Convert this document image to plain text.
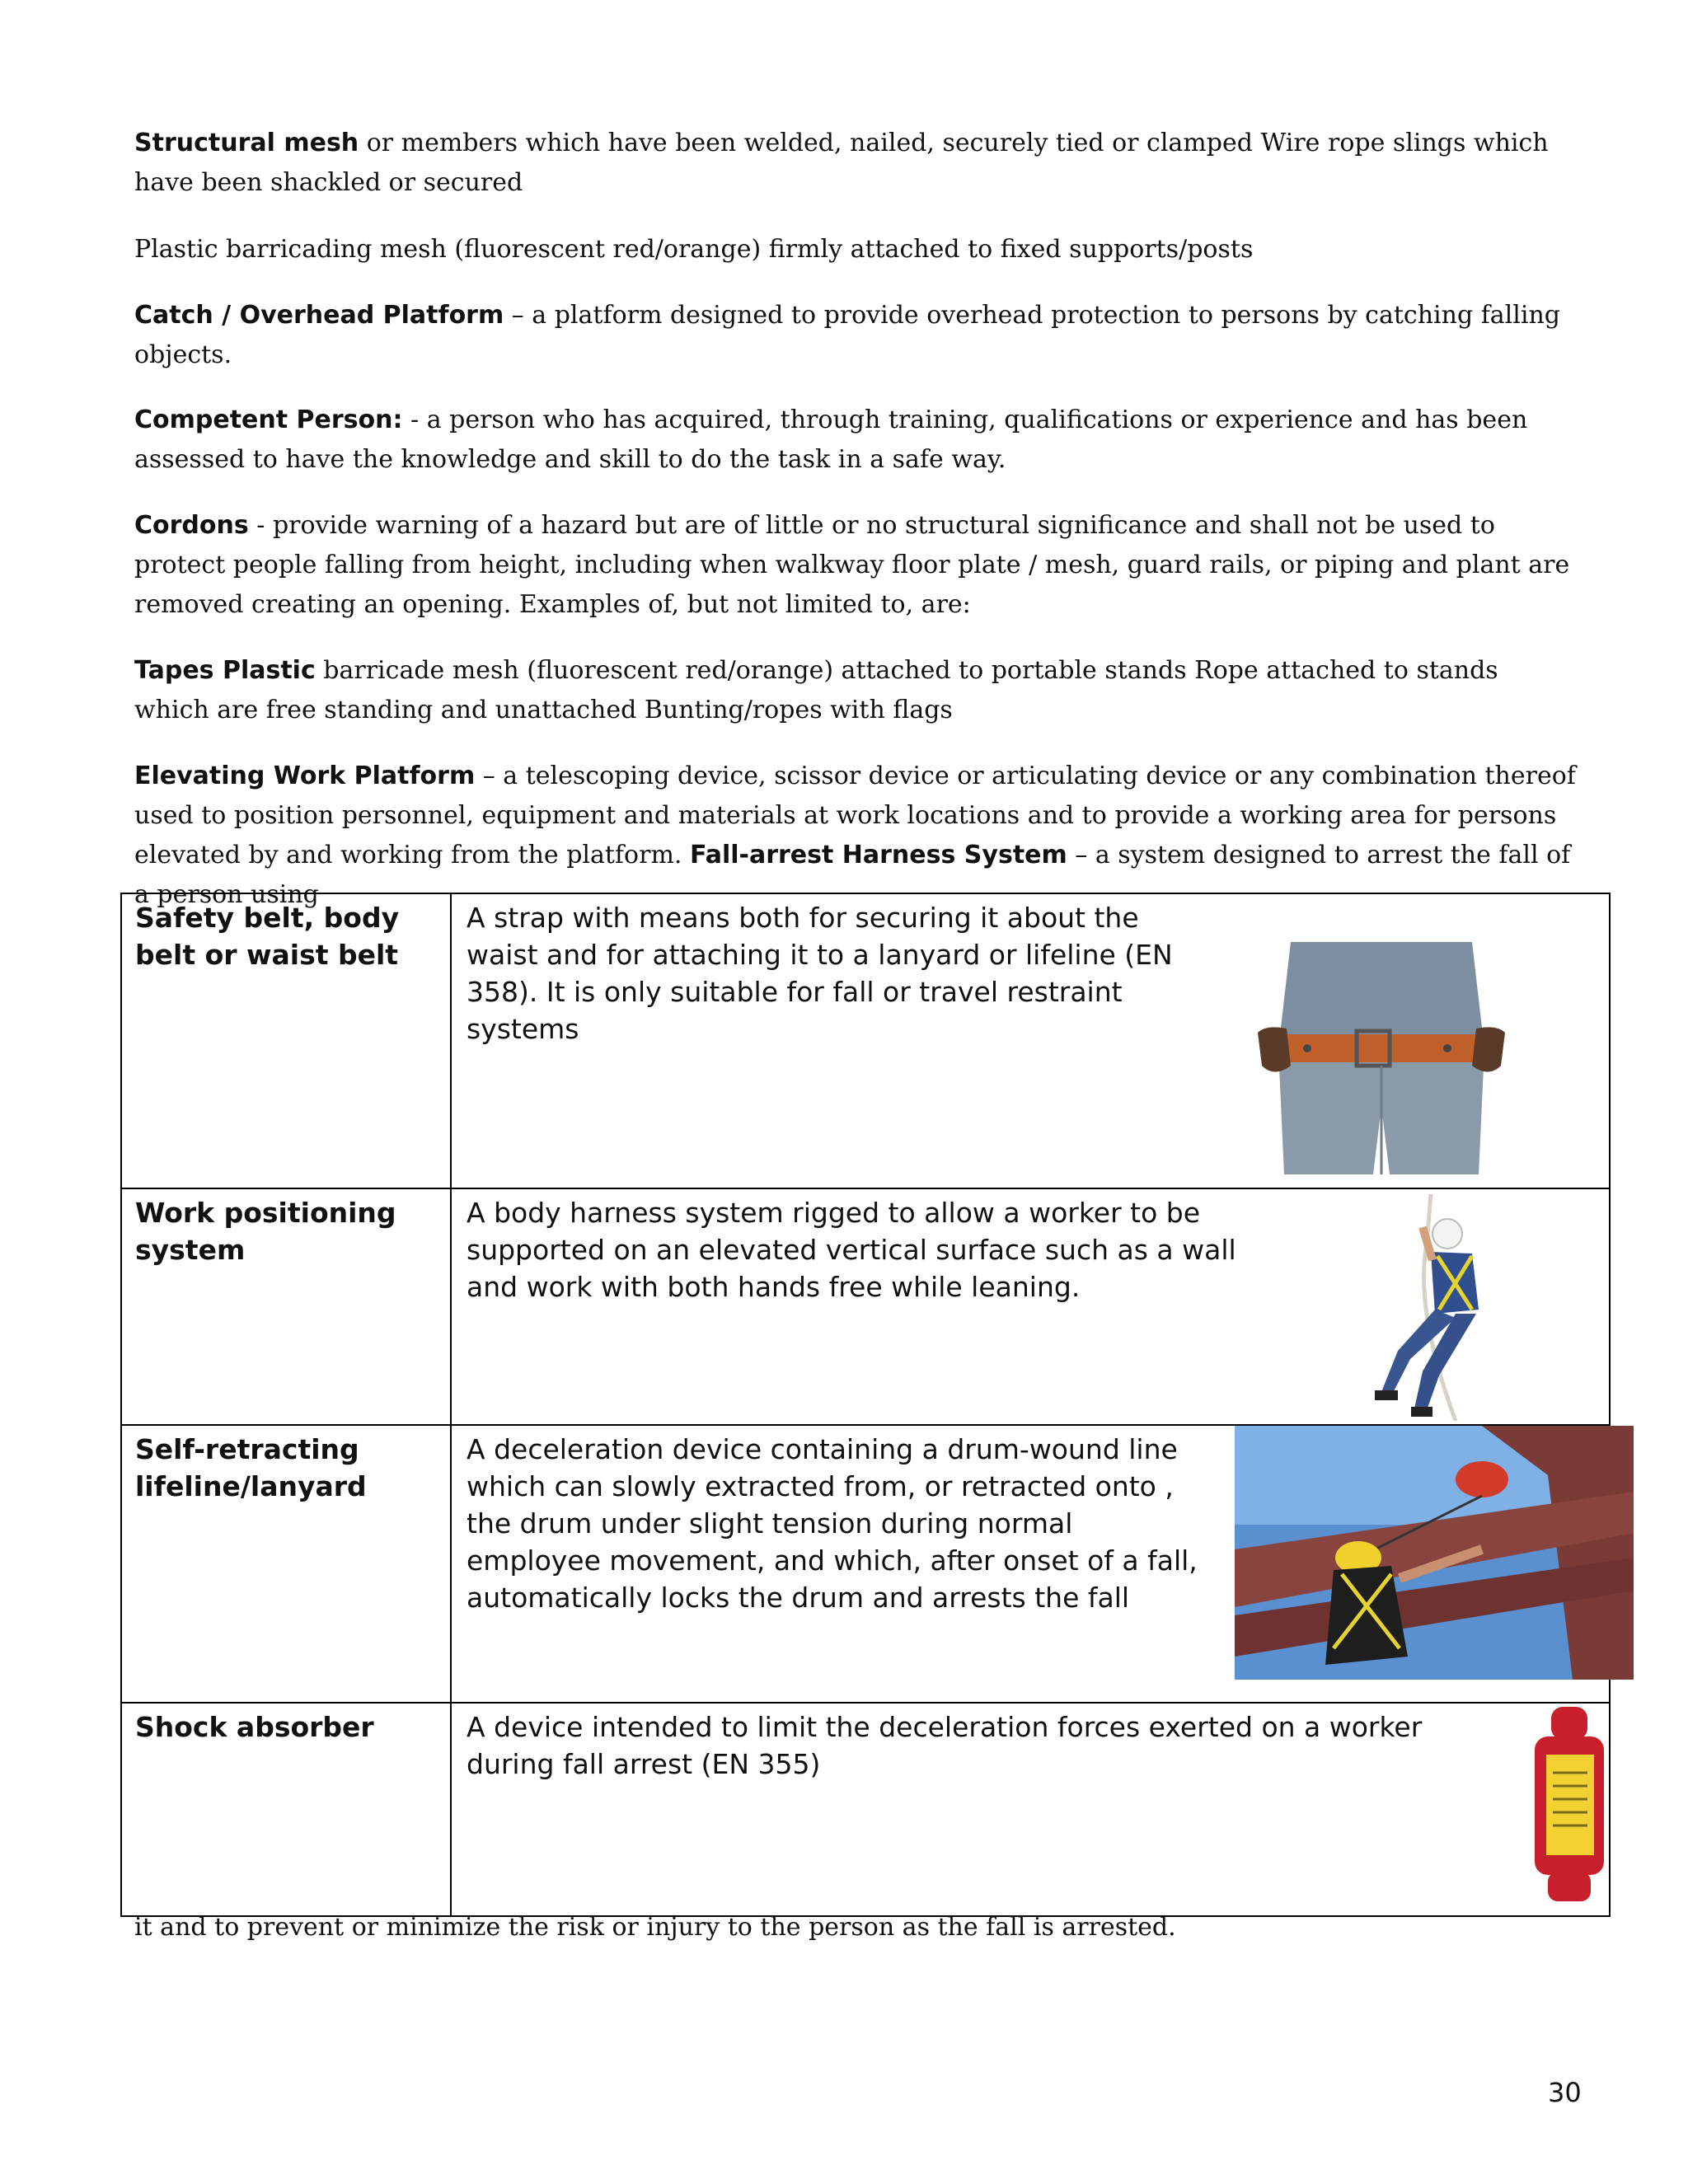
Structural mesh or members which have been welded, nailed, securely tied or clamped Wire rope slings which have been shackled or secured

Plastic barricading mesh (fluorescent red/orange) firmly attached to fixed supports/posts

Catch / Overhead Platform – a platform designed to provide overhead protection to persons by catching falling objects.

Competent Person: - a person who has acquired, through training, qualifications or experience and has been assessed to have the knowledge and skill to do the task in a safe way.

Cordons - provide warning of a hazard but are of little or no structural significance and shall not be used to protect people falling from height, including when walkway floor plate / mesh, guard rails, or piping and plant are removed creating an opening. Examples of, but not limited to, are:

Tapes Plastic barricade mesh (fluorescent red/orange) attached to portable stands Rope attached to stands which are free standing and unattached Bunting/ropes with flags

Elevating Work Platform – a telescoping device, scissor device or articulating device or any combination thereof used to position personnel, equipment and materials at work locations and to provide a working area for persons elevated by and working from the platform. Fall-arrest Harness System – a system designed to arrest the fall of a person using

Safety belt, body belt or waist belt	A strap with means both for securing it about the waist and for attaching it to a lanyard or lifeline (EN 358). It is only suitable for fall or travel restraint systems

Work positioning system	A body harness system rigged to allow a worker to be supported on an elevated vertical surface such as a wall and work with both hands free while leaning.

Self-retracting lifeline/lanyard	A deceleration device containing a drum-wound line which can slowly extracted from, or retracted onto , the drum under slight tension during normal employee movement, and which, after onset of a fall, automatically locks the drum and arrests the fall

Shock absorber	A device intended to limit the deceleration forces exerted on a worker during fall arrest (EN 355)

it and to prevent or minimize the risk or injury to the person as the fall is arrested.

30
